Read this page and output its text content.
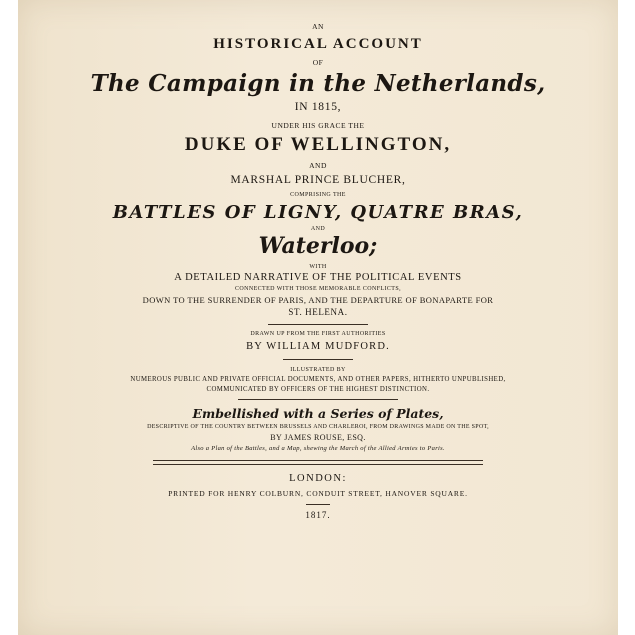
AN
HISTORICAL ACCOUNT
OF
The Campaign in the Netherlands,
IN 1815,
UNDER HIS GRACE THE
DUKE OF WELLINGTON,
AND
MARSHAL PRINCE BLUCHER,
COMPRISING THE
BATTLES OF LIGNY, QUATRE BRAS,
AND
Waterloo;
WITH
A DETAILED NARRATIVE OF THE POLITICAL EVENTS
CONNECTED WITH THOSE MEMORABLE CONFLICTS,
DOWN TO THE SURRENDER OF PARIS, AND THE DEPARTURE OF BONAPARTE FOR
ST. HELENA.
DRAWN UP FROM THE FIRST AUTHORITIES
BY WILLIAM MUDFORD.
ILLUSTRATED BY
NUMEROUS PUBLIC AND PRIVATE OFFICIAL DOCUMENTS, AND OTHER PAPERS, HITHERTO UNPUBLISHED,
COMMUNICATED BY OFFICERS OF THE HIGHEST DISTINCTION.
Embellished with a Series of Plates,
DESCRIPTIVE OF THE COUNTRY BETWEEN BRUSSELS AND CHARLEROI, FROM DRAWINGS MADE ON THE SPOT,
BY JAMES ROUSE, ESQ.
Also a Plan of the Battles, and a Map, shewing the March of the Allied Armies to Paris.
LONDON:
PRINTED FOR HENRY COLBURN, CONDUIT STREET, HANOVER SQUARE.
1817.
